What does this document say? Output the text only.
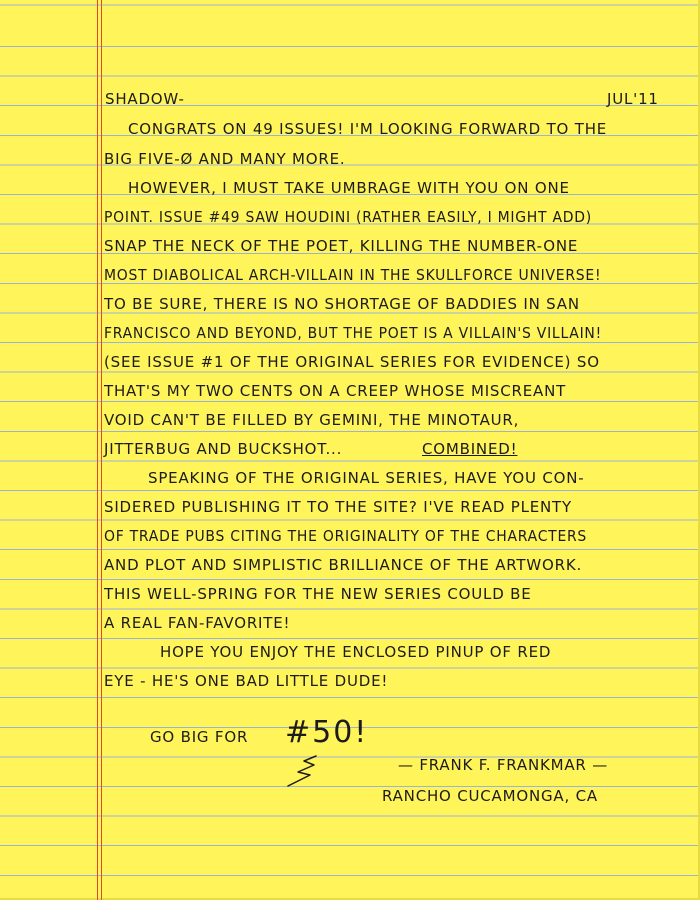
SHADOW-	JUL'11
CONGRATS ON 49 ISSUES! I'M LOOKING FORWARD TO THE
BIG FIVE-Ø AND MANY MORE.
HOWEVER, I MUST TAKE UMBRAGE WITH YOU ON ONE
POINT. ISSUE #49 SAW HOUDINI (RATHER EASILY, I MIGHT ADD)
SNAP THE NECK OF THE POET, KILLING THE NUMBER-ONE
MOST DIABOLICAL ARCH-VILLAIN IN THE SKULLFORCE UNIVERSE!
TO BE SURE, THERE IS NO SHORTAGE OF BADDIES IN SAN
FRANCISCO AND BEYOND, BUT THE POET IS A VILLAIN'S VILLAIN!
(SEE ISSUE #1 OF THE ORIGINAL SERIES FOR EVIDENCE) SO
THAT'S MY TWO CENTS ON A CREEP WHOSE MISCREANT
VOID CAN'T BE FILLED BY GEMINI, THE MINOTAUR,
JITTERBUG AND BUCKSHOT...	COMBINED!
SPEAKING OF THE ORIGINAL SERIES, HAVE YOU CON-
SIDERED PUBLISHING IT TO THE SITE? I'VE READ PLENTY
OF TRADE PUBS CITING THE ORIGINALITY OF THE CHARACTERS
AND PLOT AND SIMPLISTIC BRILLIANCE OF THE ARTWORK.
THIS WELL-SPRING FOR THE NEW SERIES COULD BE
A REAL FAN-FAVORITE!
HOPE YOU ENJOY THE ENCLOSED PINUP OF RED
EYE - HE'S ONE BAD LITTLE DUDE!
GO BIG FOR #50!
— FRANK F. FRANKMAR —
RANCHO CUCAMONGA, CA
